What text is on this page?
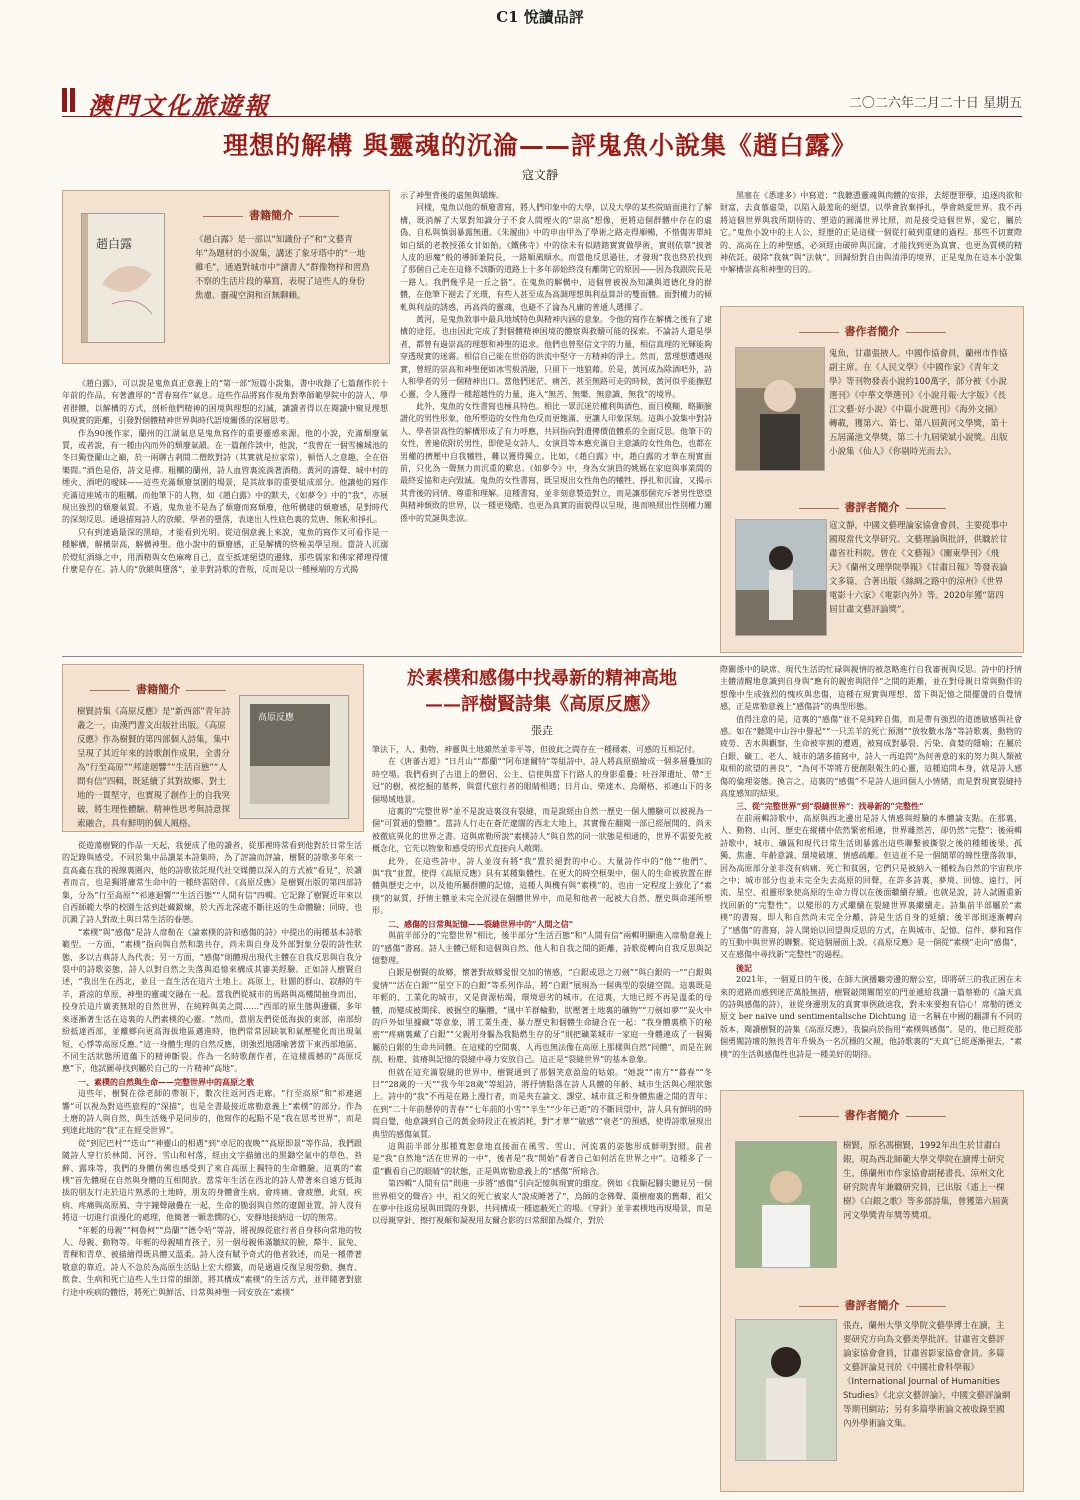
C1 悅讀品評
澳門文化旅遊報	二〇二六年二月二十日 星期五
理想的解構 與靈魂的沉淪——評鬼魚小說集《趙白露》
寇文靜
趙白露
書籍簡介
《趙白露》是一部以“知識份子”和“文藝青年”為題材的小說集，講述了象牙塔中的“一地雞毛”，通過對城市中“讀書人”群像物梓和習鳥不察的生活片段的摹寫，表現了這些人的身份焦慮、靈魂空洞和百無聊賴。

《趙白露》，可以說是鬼魚真正意義上的“第一部”短篇小說集，書中收錄了七篇創作於十年前的作品，有著濃厚的“青春寫作”氣息。這些作品將寫作視角對準師範學院中的詩人、學者群體，以解構的方式，剖析他們精神的困境與理想的幻滅，讓讀者得以在閱讀中窺見理想與現實的距離，引發對個體精神世界與時代語境關係的深層思考。

作為90後作家，蘭州的江湖氣息是鬼魚寫作的重要靈感來源。他的小說，充滿頹廢氣質，或者說，有一種由內而外的頹廢氣韻。在一篇創作談中，他說，“我曾在一個雪擁城池的冬日獨登蘭山之巔，於一兩聊古剎間二僧飲對詩（其實就是拉家常），頓悟人之意趣，全在俗樂間。”酒色是俗，詩文是禪。粗糲的蘭州，詩人血管裏流淌著酒精。黃河的濤聲、城中村的煙火、酒吧的曖昧——這些充滿頹廢氛圍的場景，是其故事的重要組成部分。他讓他的寫作充滿這座城市的粗糲。而他筆下的人物，如《趙白露》中的默夫，《如夢令》中的“我”，亦展現出強烈的頹廢氣質。不過，鬼魚並不是為了頹廢而寫頹廢，他所構建的頹廢感，是對時代的深刻反思。通過描寫詩人的放縱、學者的墮落，表達出人性底色裏的荒唐、無恥和掙扎。

只有到達過最深的黑暗，才能看到光明。從這個意義上來說，鬼魚的寫作又可看作是一種解構，解構崇高，解構神聖。他小說中的頹廢感，正是解構的終極美學呈現。當詩人沉溺於燈紅酒綠之中，用酒精與女色麻痺自己，直至抵達絕望的邊緣，那些儒家和佛家禪理得懂什麼是存在。詩人的“放縱與墮落”，並非對詩歌的背叛，反而是以一種極端的方式揭

示了神聖背後的虛無與矯飾。

同樣，鬼魚以他的頹廢書寫，將人們印象中的大學，以及大學的某些院暗面進行了解構，既消解了大眾對知識分子不食人間煙火的“崇高”想像，更將這個群體中存在的虛偽、自私與慎弱暴露無遺。《朱履曲》中的申由甲為了學術之路走得順暢，不惜傷害單純如白紙的老教授孫女甘如飴。《鐵佛寺》中的徐未有似踏踏實實做學術，實則依靠“披著人皮的惡魔”般的導師兼院長，一路順風順水。而當他反思過往，才發現“我也終於找到了那個自己走在這條不該斷的道路上十多年卻始終沒有離開它的原因——因為我跟院長是一路人。我們幾乎是一丘之貉”。在鬼魚的解構中，這個曾被視為知識與道德化身的群體，在他筆下褪去了光環，有些人甚至成為高調理想與利益算計的雙面體。面對權力的傾軋與利益的誘惑，再高尚的靈魂，也避不了淪為凡庸的普通人選擇了。

黃河，是鬼魚敘事中最具地域特色與精神內涵的意象。令他的寫作在解構之後有了建構的途徑，也由因此完成了對個體精神困境的體察與救贖可能的探索。不論詩人還是學者，都曾有過崇高的理想和神聖的追求。他們也曾堅信文字的力量，相信真理的光輝能夠穿透現實的迷霧。相信自己能在世俗的洪流中堅守一方精神的淨土。然而，當理想遭遇現實，曾經的崇高和神聖便如冰雪般消融，只留下一地狼藉。於是，黃河成為除酒吧外，詩人和學者的另一個精神出口。當他們迷茫、痛苦，甚至無路可走的時候，黃河似乎能撫慰心靈，令人獲得一種超越性的力量，進入“無苦、無樂、無意識、無我”的境界。

此外，鬼魚的女性書寫也極具特色。相比一眾沉迷於權利與酒色、面目模糊、略顯臉譜化的男性形象，他所塑造的女性角色反而更飽滿、更讓人印象深刻。這與小說集中對詩人、學者崇高性的解構形成了有力呼應，共同指向對遺傳價值體系的全面反思。他筆下的女性，普遍依附於男性，即使是女詩人、女演員等本應充滿自主意識的女性角色，也都在男權的擠壓中自我犧牲，難以獲得獨立。比如，《趙白露》中，趙白露的才華在現實面前，只化為一聲無力而沉重的歎息。《如夢令》中，身為女演員的姚媽在家庭與事業間的最終妥協和走向毀滅。鬼魚的女性書寫，既呈現出女性角色的犧牲、掙扎和沉淪，又揭示其背後的同情、尊重和理解。這種書寫，並非刻意製造對立，而是讓那個充斥著男性慾望與精神頹敗的世界，以一種更殘酷、也更為真實的面貌得以呈現，進而映照出性別權力關係中的荒誕與悲涼。

黑塞在《悉達多》中寫道：“我聽憑靈魂與肉體的安排，去經歷罪孽，追逐肉欲和財富，去貪慕虛榮，以陷入最羞恥的絕望，以學會放棄掙扎，學會熱愛世界。我不再將這個世界與我所期待的、塑造的圓滿世界比照，而是接受這個世界，愛它，屬於它。”鬼魚小說中的主人公，經歷的正是這樣一個從打破到重建的過程。那些不切實際的、高高在上的神聖感，必須經由破碎與沉淪，才能找到更為真實、也更為質樸的精神依託。破除“我執”與“法執”，回歸紛對自由與清淨的境界，正是鬼魚在這本小說集中解構崇高和神聖的目的。

書作者簡介
鬼魚，甘肅張掖人。中國作協會員，蘭州市作協副主席。在《人民文學》《中國作家》《青年文學》等刊物發表小說約100萬字，部分被《小說選刊》《中華文學選刊》《小說月報·大字版》《長江文藝·好小說》《中篇小說選刊》《海外文摘》轉載，獲第六、第七、第八屆黃河文學獎，第十五屆滿池文學獎，第二十九屆梁斌小說獎。出版小說集《仙人》《你剔時光而去》。
書評者簡介
寇文靜，中國文藝理論家協會會員，主要從事中國現當代文學研究、文藝理論與批評，供職於甘肅省社科院。曾在《文藝報》《關東學刊》《飛天》《蘭州文理學院學報》《甘肅日報》等發表論文多篇，合著出版《絲綢之路中的涼州》《世界電影十六家》《電影內外》等。2020年獲“第四屆甘肅文藝評論獎”。
於素樸和感傷中找尋新的精神高地
——評樹賢詩集《高原反應》
張垚
書籍簡介
高原反應
樹賢詩集《高原反應》是“新西部”青年詩叢之一，由漢門書文出版社出版。《高原反應》作為樹賢的第四部個人詩集，集中呈現了其近年來的詩歌創作成果，全書分為“行至高原”“邦達迴響”“生活百態”“人間有信”四輯，既延續了其對故鄉、對土地的一貫堅守，也實現了創作上的自我突破，將生理性體驗、精神性思考與詩意探索融合，具有鮮明的個人風格。

從遊蕩樹賢的作品一天起，我便成了他的讀者，從那裡時常看到他對於日常生活的記錄與感受。不同於集中品讀某本詩集時，為了評論而評論，樹賢的詩歌多年來一直高鑫在我的視線裏圍內，他的詩歌依託現代社交媒體以深入的方式被“看見”，於讀者而言，也是獨將庸常生命中的一種終需陪伴。《高原反應》是樹賢出版的第四部詩集，分為“行至高原”“祁連迴響”“生活百態”“人間有信”四輯。它記錄了樹賢近年來以自西師範大學的校園生活到赴藏鍛煉，於大西北深處不斷往返的生命體驗；同時，也沉澱了詩人對故土與日常生活的眷戀。

“素樸”與“感傷”是詩人席勒在《論素樸的詩和感傷的詩》中提出的兩種基本詩歌範型。一方面，“素樸”指向與自然和諧共存，尚未與自身及外部對象分裂的詩性狀態，多以古典詩人為代表；另一方面，“感傷”則體現出現代主體在自我反思與自我分裂中的詩歌姿態，詩人以對自然之失落與追憶來構成其審美經驗。正如詩人樹賢自述，“我出生在西北，並且一直生活在這片土地上。高原上，壯闊的群山、寂靜的牛羊，蒼涼的草原，神聖的靈魂交融在一起。當我們從城市的馬路與高樓間抽身而出，投身於這片廣袤無垠的自然世界，在純粹與美之間……”西部的原生態與邊疆，多年來逐漸著生活在這裏的人們素樸的心靈。“然而，當朋友們從低海拔的東部，南部紛紛抵達西部，並離鄉向更高海拔地區邁進時，他們常常因缺氧和氣壓變化而出現氣短、心悸等高原反應。”這一身體生理的自然反應，則強烈地隱喻著當下東西部地區、不同生活狀態所道蘊下的精神斷裂。作為一名時歌創作者，在這樣震撼的“高原反應”下，他試圖尋找到屬於自己的一片精神“高地”。

一、素樸的自然與生命——完整世界中的高原之歌

這些年，樹賢在徐老師的帶領下，數次往返河西走廊。“行至高原”和“祁連迴響”可以視為對這些旅程的“深描”，也是全書最接近席勒意義上“素樸”的部分。作為土磨的詩人與自然、與生活幾乎是同步的，他寫作的起點不是“我在思考世界”，而是到達此地的“我”正在經受世界”。

從“到尼巴村”“迭山”“神靈山的相遇”到“卓尼的夜晚”“高原即景”等作品，我們跟隨詩人穿行於林間、河谷、雪山和村落，經由文字描繪出的黑鋤空氣中的草色、苔蘚、露珠等，我們的身體仿佛也感受到了來自高原上獨特的生命體驗。這裏的“素樸”首先體現在自然與身體的互相開放。當常年生活在西北的詩人帶著來自遠方低海拔的朋友行走於這片熟悉的土地時，朋友的身體會生病、會疼痛、會疲憊，此刻，疾病、疼痛與高原風、寺宇鐘聲融疊在一起，生命的脆弱與自然的遼闊並置，詩人沒有將這一切進行浪漫化的處理，他簡著一顆悲憫的心，安靜地接納這一切的無常。

“年輕的母親”“柯魯柯”“烏蘭”“德令哈”等詩，將視線從旅行者自身移向常地的牧人、母親、動物等。年輕的母親哺育孩子，另一個母親佈滿皺紋的臉，犛牛、鼠兔、青稞和青草、被描繪得既具體又溫柔。詩人沒有賦予奇式的他者敘述，而是一種帶著敬意的靠近。詩人不急於為高原生活貼上宏大標籤，而是通過反復呈現勞動、撫育、飲食、生病和死亡這些人生日常的細節，將其構成“素樸”的生活方式，並伴隨著對旅行途中疾病的體悟，將死亡與鮮活、日常與神聖一同安放在“素樸”

筆法下，人、動物、神靈與土地雜然並非平等，但彼此之間存在一種穩素、可感的互相記付。

在《唐蕃古道》“日月山”“都蘭”“阿布達爾特”等組詩中，詩人將高原描繪成一個多層疊加的時空場。我們看到了古道上的僧侶、公主、信使與當下行路人的身影重疊；吐谷渾遺址、帶“王冠”的樹，被挖掘的墓葬，與當代旅行者的眼睛相遇；日月山、柴達木、烏爾格、祁連山下的多個場域地景。

這裏的“完整世界”並不是說這裏沒有裂縫，而是說經由自然一歷史一個人體驗可以被視為一個“可質通的整體”。當詩人行走在蒼茫遼闊的西北大地上，其實像在翻閱一部已經展開的、尚未被徹底異化的世界之書。這與席勒所說“素樸詩人”與自然的同一狀態是相通的，世界不需要先被概念化，它先以物象和感受的形式直接向人敞開。

此外，在這些詩中，詩人並沒有將“我”置於絕對的中心。大量詩作中的“他”“他們”、與“我”並置，使得《高原反應》具有某種集體性。在更大的時空框架中，個人的生命被放置在群體與歷史之中，以及他所屬群體的記憶，這種人與機有與“素樸”的，也由一定程度上強化了“素樸”的氣質，抒情主體並未完全沉浸在個體世界中，而是和他者一起被大自然、歷史與命運所塑形。

二、感傷的日常與記憶——裂縫世界中的“人間之信”

與前半部分的“完整世界”相比，後半部分“生活百態”和“人間有信”兩輯明顯進入席勒意義上的“感傷”書寫。詩人主體已經和這個與自然、他人和自我之間的距離，詩歌從轉向自我反思與記憶整理。

白銀是樹賢的故鄉，懷著對故鄉愛恨交加的情感，“白銀或思之刀劍”“與白銀的一”“白銀與愛情”“活在白銀”“星空下的白銀”等系列作品，將“白銀”展現為一個典型的裂縫空間。這裏既是年輕的、工業化的城市，又是資源枯竭，環境惡劣的城市。在這裏，大地已經不再是溫柔的母體，而變成被開採、被掘空的驅體，“風中羊群輪動，狀壓著土地裏的礦物”“刀劍如夢”“炭火中的戶外如里據藏”等意象，將工業生產、暴力歷史和個體生命縫合在一起：“我身體裏樵下的秘密”“疼痛裏藏了白銀”“父親用身軀為我點燃生存的牙”則把礦業城市一家庭一身體連成了一個獨屬於白銀的生命共同體。在這樣的空間裏，人再也無法像在高原上那樣與自然“同體”，而是在剝削、粉塵、貧瘠與記憶的裂縫中尋力安放自己。這正是“裂縫世界”的基本意象。

但就在這充滿裂縫的世界中，樹賢通到了那個笑意盈盈的姑娘。“她說”“南方”“暮春”“冬日”“28歲的一天”“我今年28歲”等組詩，將抒情點落在詩人具體的年齡、城市生活與心理狀態上。詩中的“我”不再是在路上漫行者，而是夾在論文、課堂、城市貧乏和身體焦慮之間的青年；在到“二十年前懸停的青春”“七年前的小雪”“半生”“少年已逝”的不斷回望中，詩人具有鮮明的時間自覺，他意識到自己的黃金時段正在被消耗，對“才華”“敏感”“衰老”的預感，使得詩歌展現出典型的感傷氣質。

這與前半部分那種寬恕意地直接面在風雪、雪山、河流裏的姿態形成鮮明對照。前者是“我”自然地“活在世界的一中”，後者是“我”開始“看著自己如何活在世界之中”。這種多了一重“觀看自己的眼睛”的狀態，正是與席勒意義上的“感傷”所暗合。

第四輯“人間有信”則進一步將“感傷”引向記憶與現實的維度。例如《我顯起腳尖聽見另一個世界相交的聲音》中，祖父的死亡被家人“說成睡著了”，烏師的念佛聲、棗樹瘤裏的舊鄰、祖父在夢中往返房屋與田間的身影，共同構成一種遮蔽死亡的場。《穿針》並非素樸地再現場景，而是以母親穿針、擦打視顛和凝視用友爾合影的日常細節為媒介，對於

際關係中的缺席、現代生活的忙碌與親情的被忽略進行自我審視與反思。詩中的抒情主體清醒地意識到自身與“應有的親密與陪伴”之間的距離，並在對母親日常與動作的想像中生成強烈的愧疚與悲傷，這種在現實與理想、當下與記憶之間擺盪的自覺情感，正是席勒意義上“感傷詩”的典型形態。

值得注意的是，這裏的“感傷”並不是純粹自傷，而是帶有強烈的道德敏感與社會感。如在“聽聞中山谷中譽起”“一只羔羊的死亡預測”“放牧數水落”等詩歌裏，動物的疲勞、苦水與觀察，生命被宰割的遭遇，被寫成對暴裂、污染、貪婪的隱喻；在屬於白銀、礦工、老人、城市的諸多描寫中，詩人一再追問“為何善意的來的努力與人類被取相的欲望的善良”，“為何不等將方便創限報生的心靈，這種追問本身，就是詩人感傷的倫理姿態。換言之，這裏的“感傷”不是詩人退回個人小情緒，而是對現實裂縫持高度感知的結果。

三、從“完整世界”到“裂縫世界”：找尋新的“完整性”

在前兩輯詩歌中，高原與西北邊出是詩人情感與經驗的本體論支點。在那裏，人、動物、山河、歷史在縱橫中依然緊密相連，世界雖然苦，卻仍然“完整”；後兩輯詩歌中，城市、礦區和現代日常生活則暴露出這些聯繫被撕裂之後的種種後果，孤獨、焦慮、年齡意識、環境破壞、情感疏離。但這並不是一個簡單的線性墮落敘事，因為高原部分並非沒有病痛、死亡和貧困，它們只是被納入一種較為自然的宇宙秩序之中；城市部分也並未完全失去高原的回聲，在許多詩裏，夢境、回憶、遠行、河流、星空、祖靈形象使高原的生命力得以在後面繼續存續。也就是說，詩人試圖重新找回新的“完整性”，以變形的方式繼續在裂縫世界裏繼續走。詩集前半部屬於“素樸”的書寫，即人和自然尚未完全分離，詩是生活自身的延續；後半部則逐漸轉向了“感傷”的書寫，詩人開始以回望與反思的方式，在與城市、記憶、信件、夢和寫作的互動中與世界的聯繫。從這個層面上說，《高原反應》是一個從“素樸”走向“感傷”，又在感傷中尋找新“完整性”的過程。

後記

2021年，一個夏日的午後，在師大演播廳旁邊的辦公室，即將研三的我正困在未來的道路而感到迷茫萬般無措，樹賢敲開關閉室的門並遞給我讀一篇蔡勒的《論天真的詩與感傷的詩》，並從身邊朋友的真實事例啟迪我，對未來要抱有信心！席勒的德文原文 ber naive und sentimentalische Dichtung 這一名稱在中國的翻譯有不同的版本，閱讀樹賢的詩集《高原反應》，我偏向於指用“素樸與感傷”。是的，他已經從那個勇闖詩壇的無畏青年升級為一名沉穩的父親，他詩歌裏的“天真”已經逐漸褪去，“素樸”的生活與感傷性也詩是一種美好的期待。

書作者簡介
樹賢，原名馮樹賢，1992年出生於甘肅白銀，現為西北師範大學文學院在讀博士研究生，係蘭州市作家協會副秘書長、涼州文化研究院青年兼職研究員，已出版《遙上一棵樹》《白銀之歌》等多部詩集，曾獲第六屆黃河文學獎青年獎等獎項。
書評者簡介
張垚，蘭州大學文學院文藝學博士在讀，主要研究方向為文藝美學批評。甘肅省文藝評論家協會會員，甘肅省影家協會會員。多篇文藝評論見刊於《中國社會科學報》《International Journal of Humanities Studies》《北京文藝評論》，中國文藝評論網等期刊網站；另有多篇學術論文被收錄至國內外學術論文集。
